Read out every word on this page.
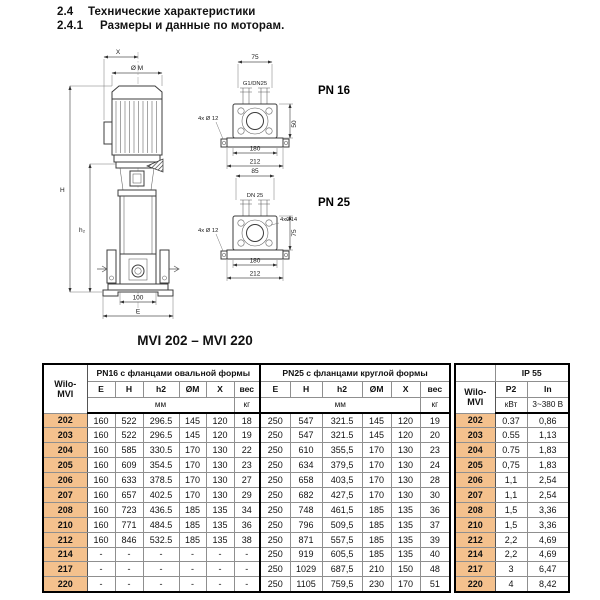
2.4 Технические характеристики
2.4.1 Размеры и данные по моторам.
X
Ø M
H
h₂
100
E
75
G1/DN25
4x Ø 12
50
180
212
PN 16
85
DN 25
4xØ14
4x Ø 12	75
180
212
PN 25
MVI 202 – MVI 220
Wilo-
MVI	PN16 с фланцами овальной формы						PN25 с фланцами круглой формы					
	E	H	h2	ØM	X	вес	E	H	h2	ØM	X	вес
	мм					кг	мм					кг
202	160	522	296.5	145	120	18	250	547	321.5	145	120	19
203	160	522	296.5	145	120	19	250	547	321.5	145	120	20
204	160	585	330.5	170	130	22	250	610	355,5	170	130	23
205	160	609	354.5	170	130	23	250	634	379,5	170	130	24
206	160	633	378.5	170	130	27	250	658	403,5	170	130	28
207	160	657	402.5	170	130	29	250	682	427,5	170	130	30
208	160	723	436.5	185	135	34	250	748	461,5	185	135	36
210	160	771	484.5	185	135	36	250	796	509,5	185	135	37
212	160	846	532.5	185	135	38	250	871	557,5	185	135	39
214	-	-	-	-	-	-	250	919	605,5	185	135	40
217	-	-	-	-	-	-	250	1029	687,5	210	150	48
220	-	-	-	-	-	-	250	1105	759,5	230	170	51
	IP 55	
Wilo-
MVI	P2	In
	кВт	3~380 В
202	0.37	0,86
203	0.55	1,13
204	0.75	1,83
205	0,75	1,83
206	1,1	2,54
207	1,1	2,54
208	1,5	3,36
210	1,5	3,36
212	2,2	4,69
214	2,2	4,69
217	3	6,47
220	4	8,42
